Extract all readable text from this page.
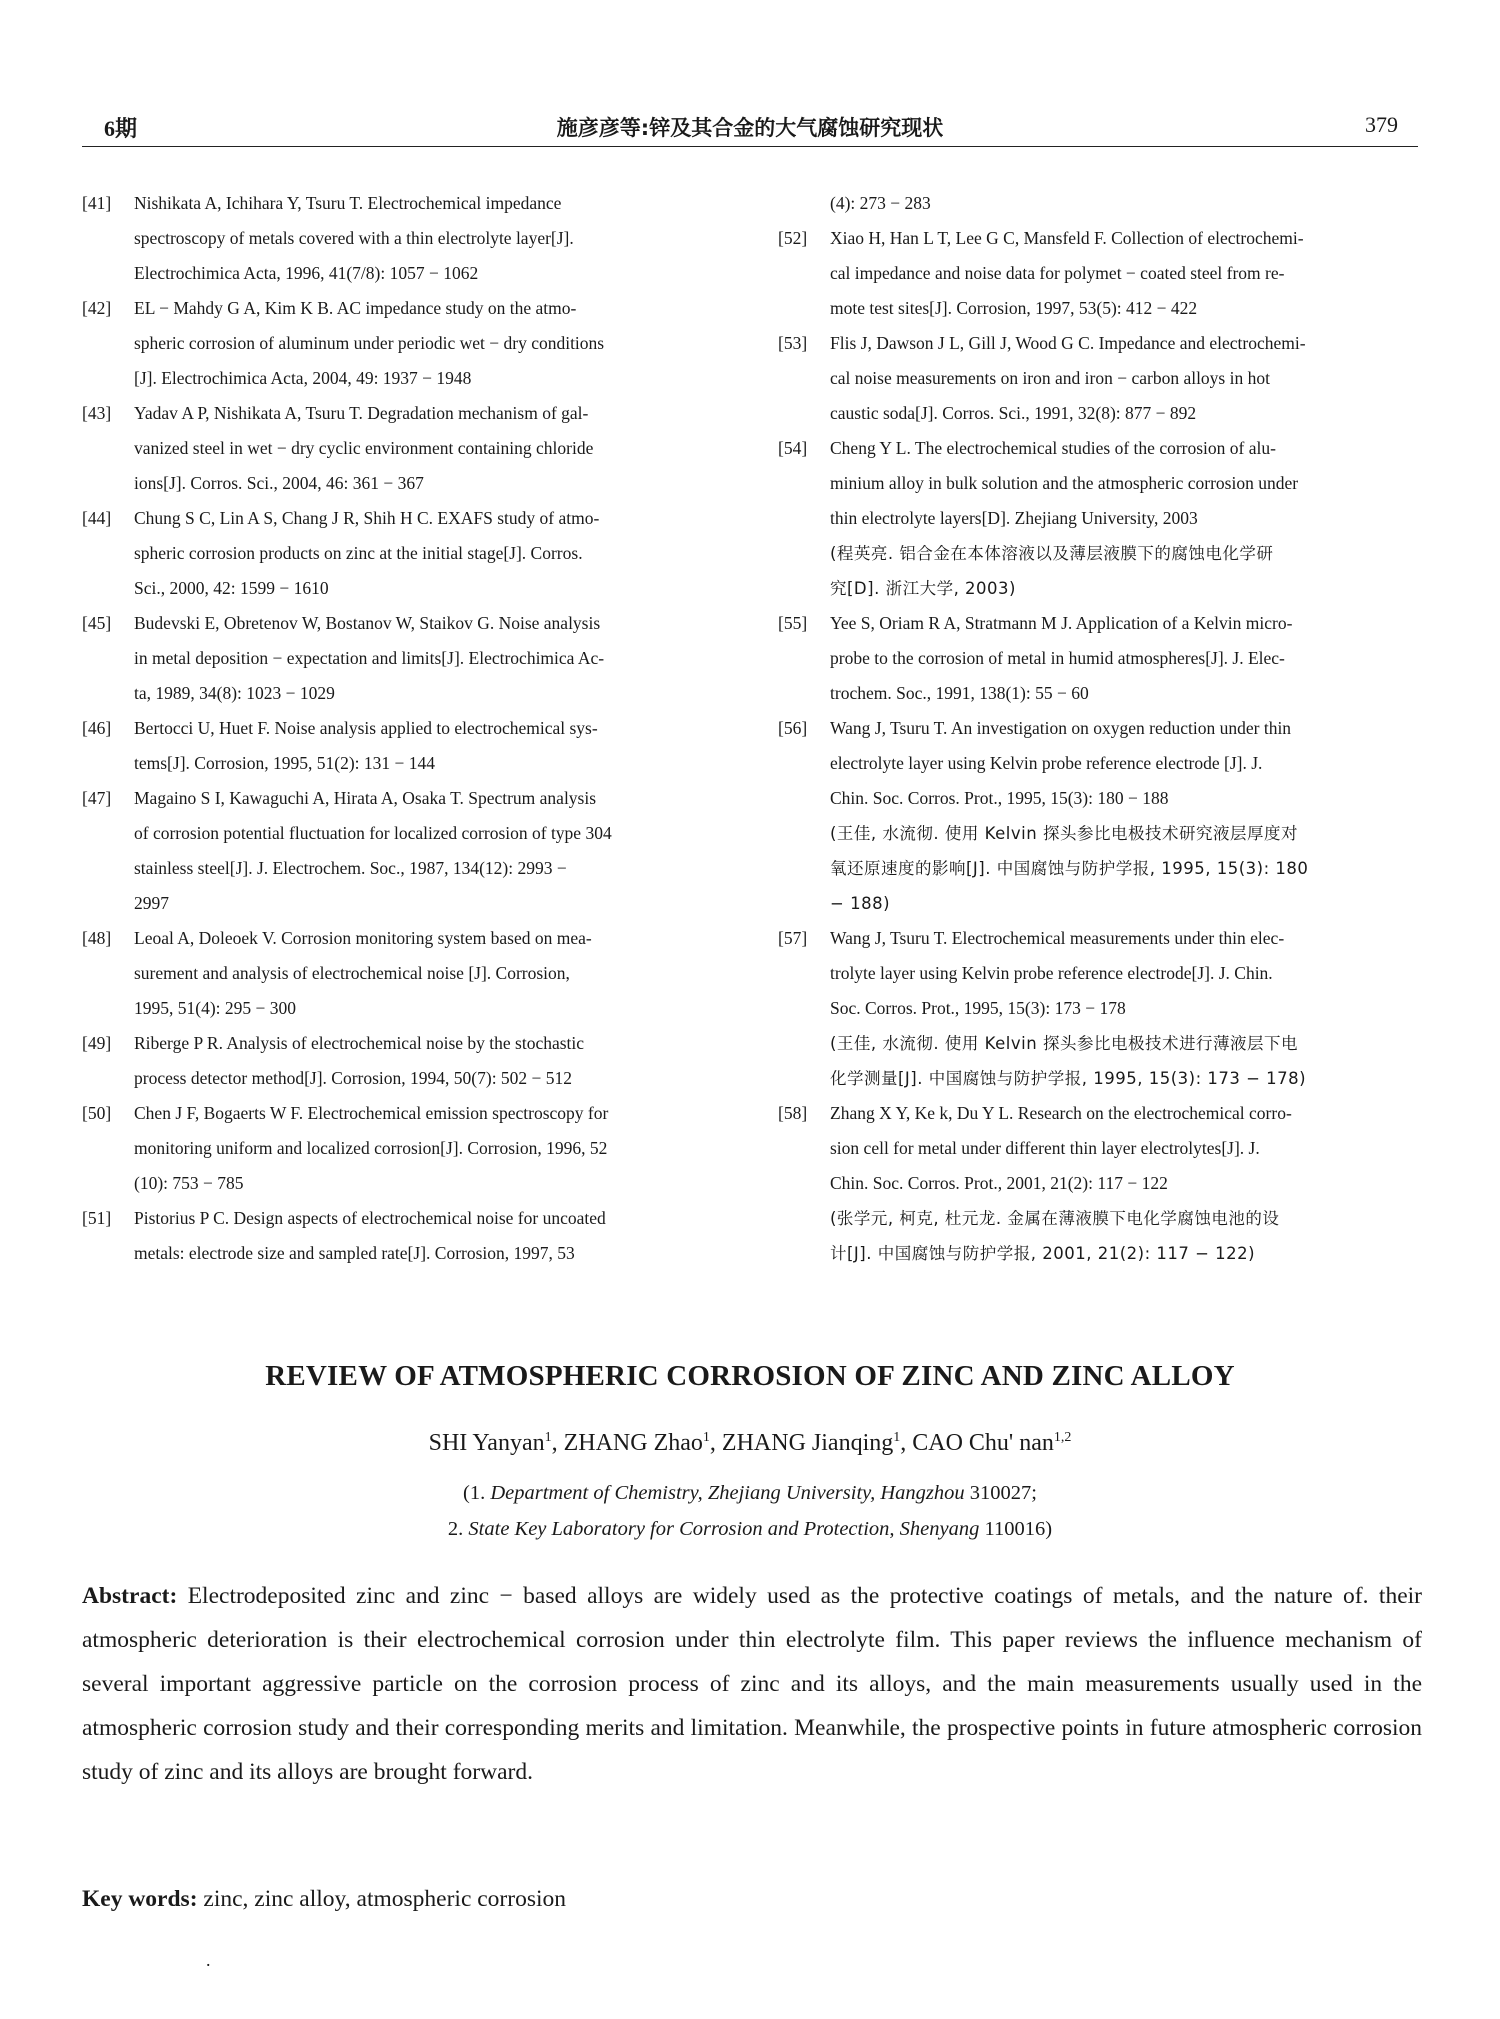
6期	施彦彦等:锌及其合金的大气腐蚀研究现状	379
[41] Nishikata A, Ichihara Y, Tsuru T. Electrochemical impedance
spectroscopy of metals covered with a thin electrolyte layer[J].
Electrochimica Acta, 1996, 41(7/8): 1057 − 1062
[42] EL − Mahdy G A, Kim K B. AC impedance study on the atmo-
spheric corrosion of aluminum under periodic wet − dry conditions
[J]. Electrochimica Acta, 2004, 49: 1937 − 1948
[43] Yadav A P, Nishikata A, Tsuru T. Degradation mechanism of gal-
vanized steel in wet − dry cyclic environment containing chloride
ions[J]. Corros. Sci., 2004, 46: 361 − 367
[44] Chung S C, Lin A S, Chang J R, Shih H C. EXAFS study of atmo-
spheric corrosion products on zinc at the initial stage[J]. Corros.
Sci., 2000, 42: 1599 − 1610
[45] Budevski E, Obretenov W, Bostanov W, Staikov G. Noise analysis
in metal deposition − expectation and limits[J]. Electrochimica Ac-
ta, 1989, 34(8): 1023 − 1029
[46] Bertocci U, Huet F. Noise analysis applied to electrochemical sys-
tems[J]. Corrosion, 1995, 51(2): 131 − 144
[47] Magaino S I, Kawaguchi A, Hirata A, Osaka T. Spectrum analysis
of corrosion potential fluctuation for localized corrosion of type 304
stainless steel[J]. J. Electrochem. Soc., 1987, 134(12): 2993 −
2997
[48] Leoal A, Doleoek V. Corrosion monitoring system based on mea-
surement and analysis of electrochemical noise [J]. Corrosion,
1995, 51(4): 295 − 300
[49] Riberge P R. Analysis of electrochemical noise by the stochastic
process detector method[J]. Corrosion, 1994, 50(7): 502 − 512
[50] Chen J F, Bogaerts W F. Electrochemical emission spectroscopy for
monitoring uniform and localized corrosion[J]. Corrosion, 1996, 52
(10): 753 − 785
[51] Pistorius P C. Design aspects of electrochemical noise for uncoated
metals: electrode size and sampled rate[J]. Corrosion, 1997, 53
(4): 273 − 283
[52] Xiao H, Han L T, Lee G C, Mansfeld F. Collection of electrochemi-
cal impedance and noise data for polymet − coated steel from re-
mote test sites[J]. Corrosion, 1997, 53(5): 412 − 422
[53] Flis J, Dawson J L, Gill J, Wood G C. Impedance and electrochemi-
cal noise measurements on iron and iron − carbon alloys in hot
caustic soda[J]. Corros. Sci., 1991, 32(8): 877 − 892
[54] Cheng Y L. The electrochemical studies of the corrosion of alu-
minium alloy in bulk solution and the atmospheric corrosion under
thin electrolyte layers[D]. Zhejiang University, 2003
(程英亮. 铝合金在本体溶液以及薄层液膜下的腐蚀电化学研
究[D]. 浙江大学, 2003)
[55] Yee S, Oriam R A, Stratmann M J. Application of a Kelvin micro-
probe to the corrosion of metal in humid atmospheres[J]. J. Elec-
trochem. Soc., 1991, 138(1): 55 − 60
[56] Wang J, Tsuru T. An investigation on oxygen reduction under thin
electrolyte layer using Kelvin probe reference electrode [J]. J.
Chin. Soc. Corros. Prot., 1995, 15(3): 180 − 188
(王佳, 水流彻. 使用 Kelvin 探头参比电极技术研究液层厚度对
氧还原速度的影响[J]. 中国腐蚀与防护学报, 1995, 15(3): 180
− 188)
[57] Wang J, Tsuru T. Electrochemical measurements under thin elec-
trolyte layer using Kelvin probe reference electrode[J]. J. Chin.
Soc. Corros. Prot., 1995, 15(3): 173 − 178
(王佳, 水流彻. 使用 Kelvin 探头参比电极技术进行薄液层下电
化学测量[J]. 中国腐蚀与防护学报, 1995, 15(3): 173 − 178)
[58] Zhang X Y, Ke k, Du Y L. Research on the electrochemical corro-
sion cell for metal under different thin layer electrolytes[J]. J.
Chin. Soc. Corros. Prot., 2001, 21(2): 117 − 122
(张学元, 柯克, 杜元龙. 金属在薄液膜下电化学腐蚀电池的设
计[J]. 中国腐蚀与防护学报, 2001, 21(2): 117 − 122)
REVIEW OF ATMOSPHERIC CORROSION OF ZINC AND ZINC ALLOY
SHI Yanyan$^1$, ZHANG Zhao$^1$, ZHANG Jianqing$^1$, CAO Chu' nan$^{1,2}$
(1. Department of Chemistry, Zhejiang University, Hangzhou 310027;
2. State Key Laboratory for Corrosion and Protection, Shenyang 110016)
Abstract: Electrodeposited zinc and zinc − based alloys are widely used as the protective coatings of metals, and the nature of. their atmospheric deterioration is their electrochemical corrosion under thin electrolyte film. This paper reviews the influence mechanism of several important aggressive particle on the corrosion process of zinc and its alloys, and the main measurements usually used in the atmospheric corrosion study and their corresponding merits and limitation. Meanwhile, the prospective points in future atmospheric corrosion study of zinc and its alloys are brought forward.
Key words: zinc, zinc alloy, atmospheric corrosion
.
